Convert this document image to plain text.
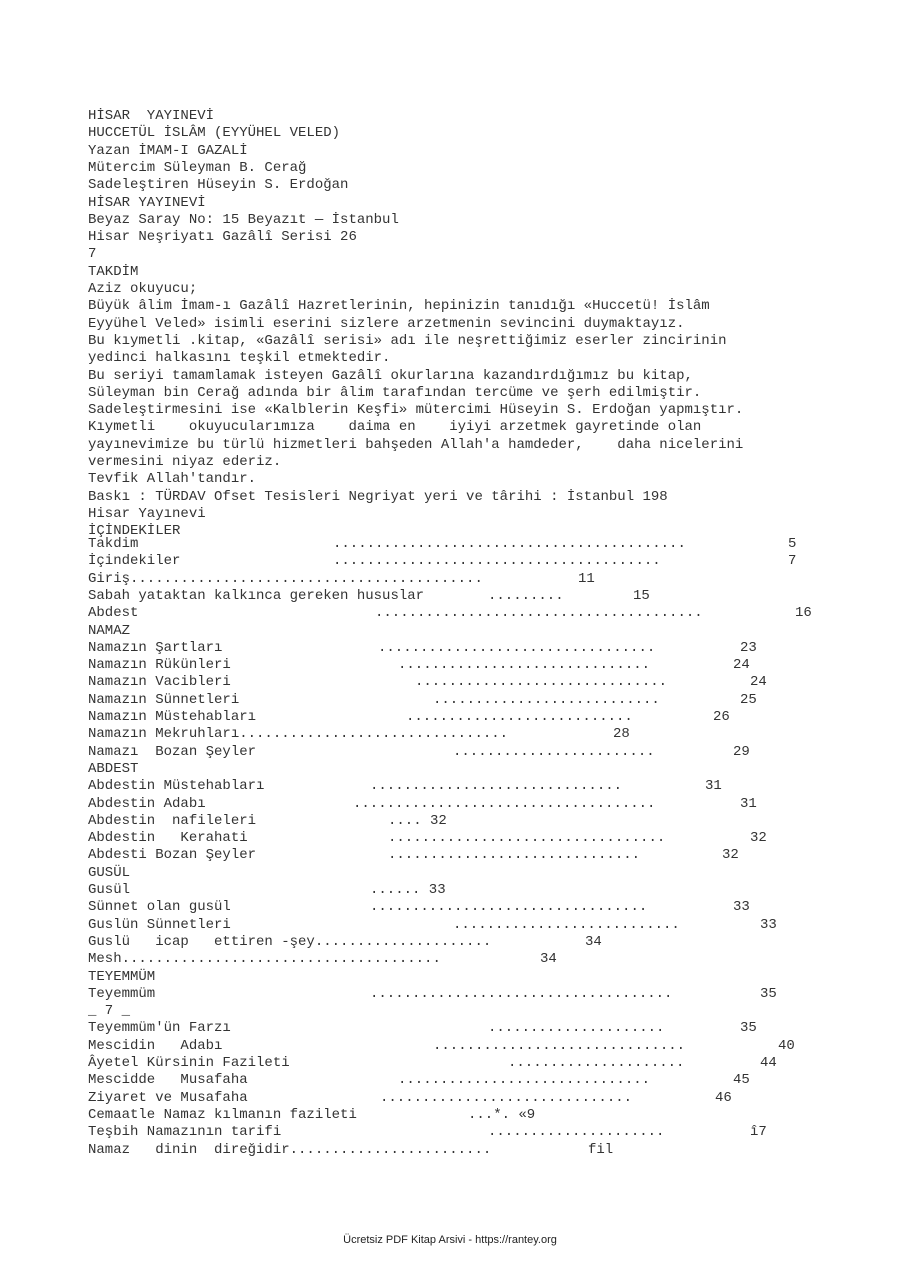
HİSAR  YAYINEVİ
HUCCETÜL İSLÂM (EYYÜHEL VELED)
Yazan İMAM-I GAZALİ
Mütercim Süleyman B. Cerağ
Sadeleştiren Hüseyin S. Erdoğan
HİSAR YAYINEVİ
Beyaz Saray No: 15 Beyazıt — İstanbul
Hisar Neşriyatı Gazâlî Serisi 26
7
TAKDİM
Aziz okuyucu;
Büyük âlim İmam-ı Gazâlî Hazretlerinin, hepinizin tanıdığı «Huccetü! İslâm
Eyyühel Veled» isimli eserini sizlere arzetmenin sevincini duymaktayız.
Bu kıymetli .kitap, «Gazâlî serisi» adı ile neşrettiğimiz eserler zincirinin
yedinci halkasını teşkil etmektedir.
Bu seriyi tamamlamak isteyen Gazâlî okurlarına kazandırdığımız bu kitap,
Süleyman bin Cerağ adında bir âlim tarafından tercüme ve şerh edilmiştir.
Sadeleştirmesini ise «Kalblerin Keşfi» mütercimi Hüseyin S. Erdoğan yapmıştır.
Kıymetli    okuyucularımıza    daima en    iyiyi arzetmek gayretinde olan
yayınevimize bu türlü hizmetleri bahşeden Allah'a hamdeder,    daha nicelerini
vermesini niyaz ederiz.
Tevfik Allah'tandır.
Baskı : TÜRDAV Ofset Tesisleri Negriyat yeri ve târihi : İstanbul 198
Hisar Yayınevi
İÇİNDEKİLER
Takdim	..........................................	5
İçindekiler	.......................................	7
Giriş..........................................	11
Sabah yataktan kalkınca gereken hususlar	.........	15
Abdest	.......................................	16
NAMAZ
Namazın Şartları	.................................	23
Namazın Rükünleri	..............................	24
Namazın Vacibleri	..............................	24
Namazın Sünnetleri	...........................	25
Namazın Müstehabları	...........................	26
Namazın Mekruhları................................	28
Namazı  Bozan Şeyler	........................	29
ABDEST
Abdestin Müstehabları	..............................	31
Abdestin Adabı	....................................	31
Abdestin  nafileleri	.... 32
Abdestin   Kerahati	.................................	32
Abdesti Bozan Şeyler	..............................	32
GUSÜL
Gusül	...... 33
Sünnet olan gusül	.................................	33
Guslün Sünnetleri	...........................	33
Guslü   icap   ettiren -şey.....................	34
Mesh......................................	34
TEYEMMÜM
Teyemmüm	....................................	35
_ 7 _
Teyemmüm'ün Farzı	.....................	35
Mescidin   Adabı	..............................	40
Âyetel Kürsinin Fazileti	.....................	44
Mescidde   Musafaha	..............................	45
Ziyaret ve Musafaha	..............................	46
Cemaatle Namaz kılmanın fazileti	...*. «9
Teşbih Namazının tarifi	.....................	î7
Namaz   dinin  direğidir........................	fil
Ücretsiz PDF Kitap Arsivi - https://rantey.org
